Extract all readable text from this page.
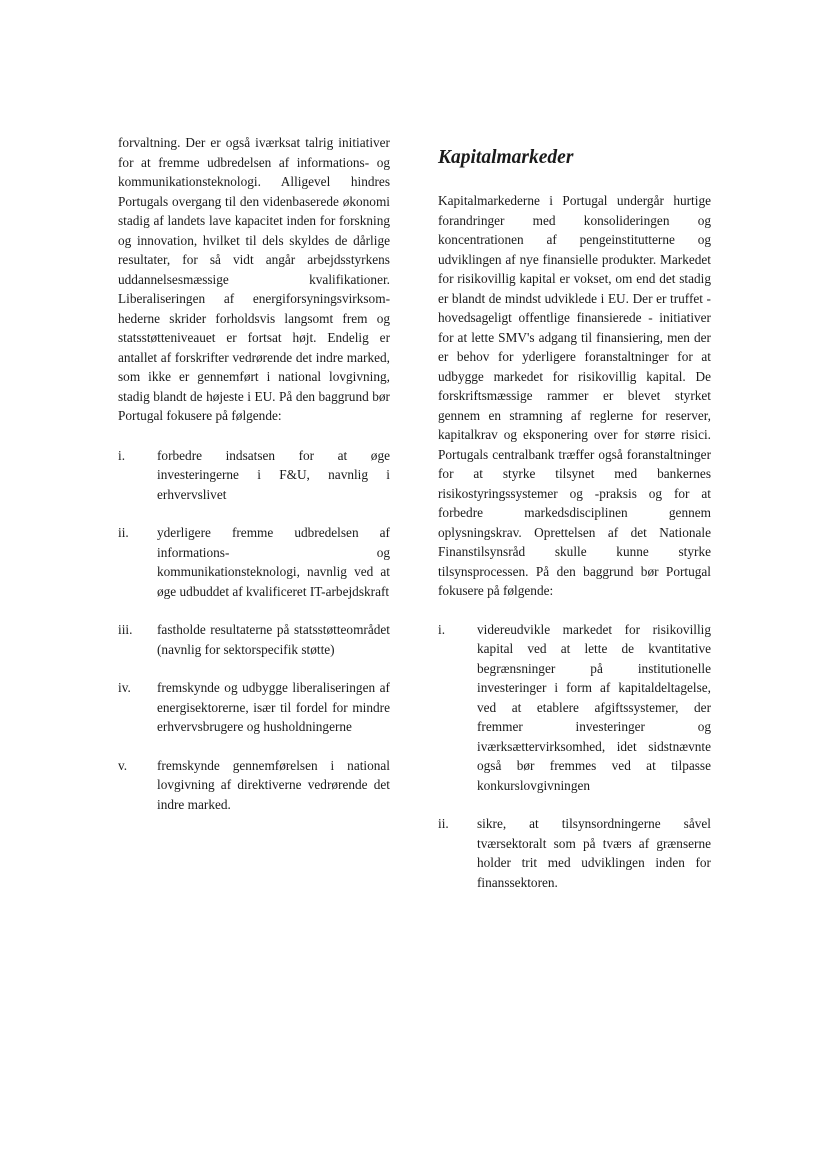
forvaltning. Der er også iværksat talrig initiativer for at fremme udbredelsen af informations- og kommunikationsteknologi. Alligevel hindres Portugals overgang til den videnbaserede økonomi stadig af landets lave kapacitet inden for forskning og innovation, hvilket til dels skyldes de dårlige resultater, for så vidt angår arbejdsstyrkens uddannelsesmæssige kvalifikationer. Liberaliseringen af energiforsyningsvirksomhederne skrider forholdsvis langsomt frem og statsstøtteniveauet er fortsat højt. Endelig er antallet af forskrifter vedrørende det indre marked, som ikke er gennemført i national lovgivning, stadig blandt de højeste i EU. På den baggrund bør Portugal fokusere på følgende:

i. forbedre indsatsen for at øge investeringerne i F&U, navnlig i erhvervslivet
ii. yderligere fremme udbredelsen af informations- og kommunikationsteknologi, navnlig ved at øge udbuddet af kvalificeret IT-arbejdskraft
iii. fastholde resultaterne på statsstøtteområdet (navnlig for sektorspecifik støtte)
iv. fremskynde og udbygge liberaliseringen af energisektorerne, især til fordel for mindre erhvervsbrugere og husholdningerne
v. fremskynde gennemførelsen i national lovgivning af direktiverne vedrørende det indre marked.
Kapitalmarkeder

Kapitalmarkederne i Portugal undergår hurtige forandringer med konsolideringen og koncentrationen af pengeinstitutterne og udviklingen af nye finansielle produkter. Markedet for risikovillig kapital er vokset, om end det stadig er blandt de mindst udviklede i EU. Der er truffet - hovedsageligt offentlige finansierede - initiativer for at lette SMV's adgang til finansiering, men der er behov for yderligere foranstaltninger for at udbygge markedet for risikovillig kapital. De forskriftsmæssige rammer er blevet styrket gennem en stramning af reglerne for reserver, kapitalkrav og eksponering over for større risici. Portugals centralbank træffer også foranstaltninger for at styrke tilsynet med bankernes risikostyringssystemer og -praksis og for at forbedre markedsdisciplinen gennem oplysningskrav. Oprettelsen af det Nationale Finanstilsynsråd skulle kunne styrke tilsynsprocessen. På den baggrund bør Portugal fokusere på følgende:

i. videreudvikle markedet for risikovillig kapital ved at lette de kvantitative begrænsninger på institutionelle investeringer i form af kapitaldeltagelse, ved at etablere afgiftssystemer, der fremmer investeringer og iværksættervirksomhed, idet sidstnævnte også bør fremmes ved at tilpasse konkurslovgivningen
ii. sikre, at tilsynsordningerne såvel tværsektoralt som på tværs af grænserne holder trit med udviklingen inden for finanssektoren.
